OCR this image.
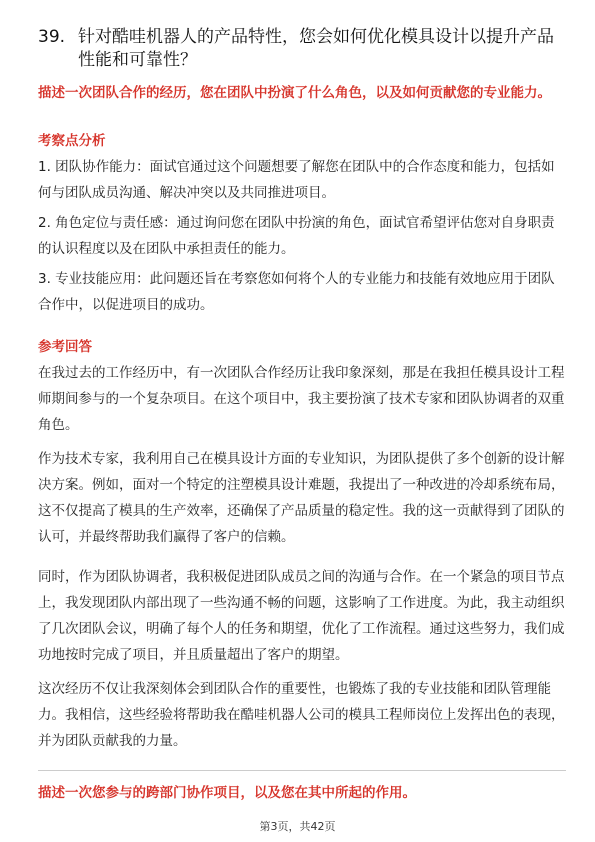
39. 针对酷哇机器人的产品特性，您会如何优化模具设计以提升产品性能和可靠性？
描述一次团队合作的经历，您在团队中扮演了什么角色，以及如何贡献您的专业能力。
考察点分析
1. 团队协作能力：面试官通过这个问题想要了解您在团队中的合作态度和能力，包括如何与团队成员沟通、解决冲突以及共同推进项目。
2. 角色定位与责任感：通过询问您在团队中扮演的角色，面试官希望评估您对自身职责的认识程度以及在团队中承担责任的能力。
3. 专业技能应用：此问题还旨在考察您如何将个人的专业能力和技能有效地应用于团队合作中，以促进项目的成功。
参考回答
在我过去的工作经历中，有一次团队合作经历让我印象深刻，那是在我担任模具设计工程师期间参与的一个复杂项目。在这个项目中，我主要扮演了技术专家和团队协调者的双重角色。
作为技术专家，我利用自己在模具设计方面的专业知识，为团队提供了多个创新的设计解决方案。例如，面对一个特定的注塑模具设计难题，我提出了一种改进的冷却系统布局，这不仅提高了模具的生产效率，还确保了产品质量的稳定性。我的这一贡献得到了团队的认可，并最终帮助我们赢得了客户的信赖。
同时，作为团队协调者，我积极促进团队成员之间的沟通与合作。在一个紧急的项目节点上，我发现团队内部出现了一些沟通不畅的问题，这影响了工作进度。为此，我主动组织了几次团队会议，明确了每个人的任务和期望，优化了工作流程。通过这些努力，我们成功地按时完成了项目，并且质量超出了客户的期望。
这次经历不仅让我深刻体会到团队合作的重要性，也锻炼了我的专业技能和团队管理能力。我相信，这些经验将帮助我在酷哇机器人公司的模具工程师岗位上发挥出色的表现，并为团队贡献我的力量。
描述一次您参与的跨部门协作项目，以及您在其中所起的作用。
第3页，共42页
